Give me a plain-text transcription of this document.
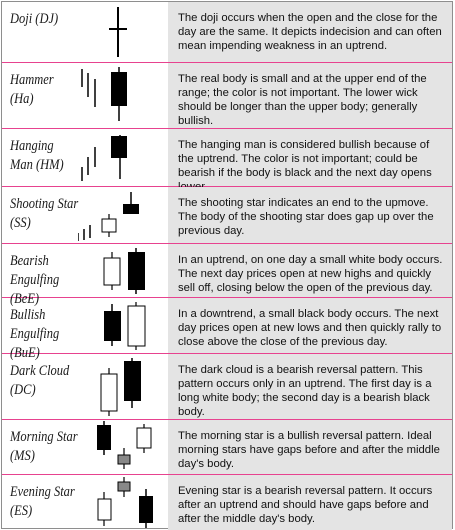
Doji (DJ)	The doji occurs when the open and the close for the day are the same. It depicts indecision and can often mean impending weakness in an uptrend.
Hammer (Ha)
The real body is small and at the upper end of the range; the color is not important. The lower wick should be longer than the upper body; generally bullish.
Hanging Man (HM)
The hanging man is considered bullish because of the uptrend. The color is not important; could be bearish if the body is black and the next day opens
Shooting Star (SS)
The shooting star indicates an end to the upmove. The body of the shooting star does gap up over the previous day.
Bearish Engulfing (BeE)
In an uptrend, on one day a small white body occurs. The next day prices open at new highs and quickly sell off, closing below the open of the previous day.
Bullish Engulfing (BuE)
In a downtrend, a small black body occurs. The next day prices open at new lows and then quickly rally to close above the close of the previous day.
Dark Cloud (DC)
The dark cloud is a bearish reversal pattern. This pattern occurs only in an uptrend. The first day is a long white body; the second day is a bearish black body.
Morning Star (MS)
The morning star is a bullish reversal pattern. Ideal morning stars have gaps before and after the middle day's body.
Evening Star (ES)
Evening star is a bearish reversal pattern. It occurs after an uptrend and should have gaps before and after the middle day's body.
